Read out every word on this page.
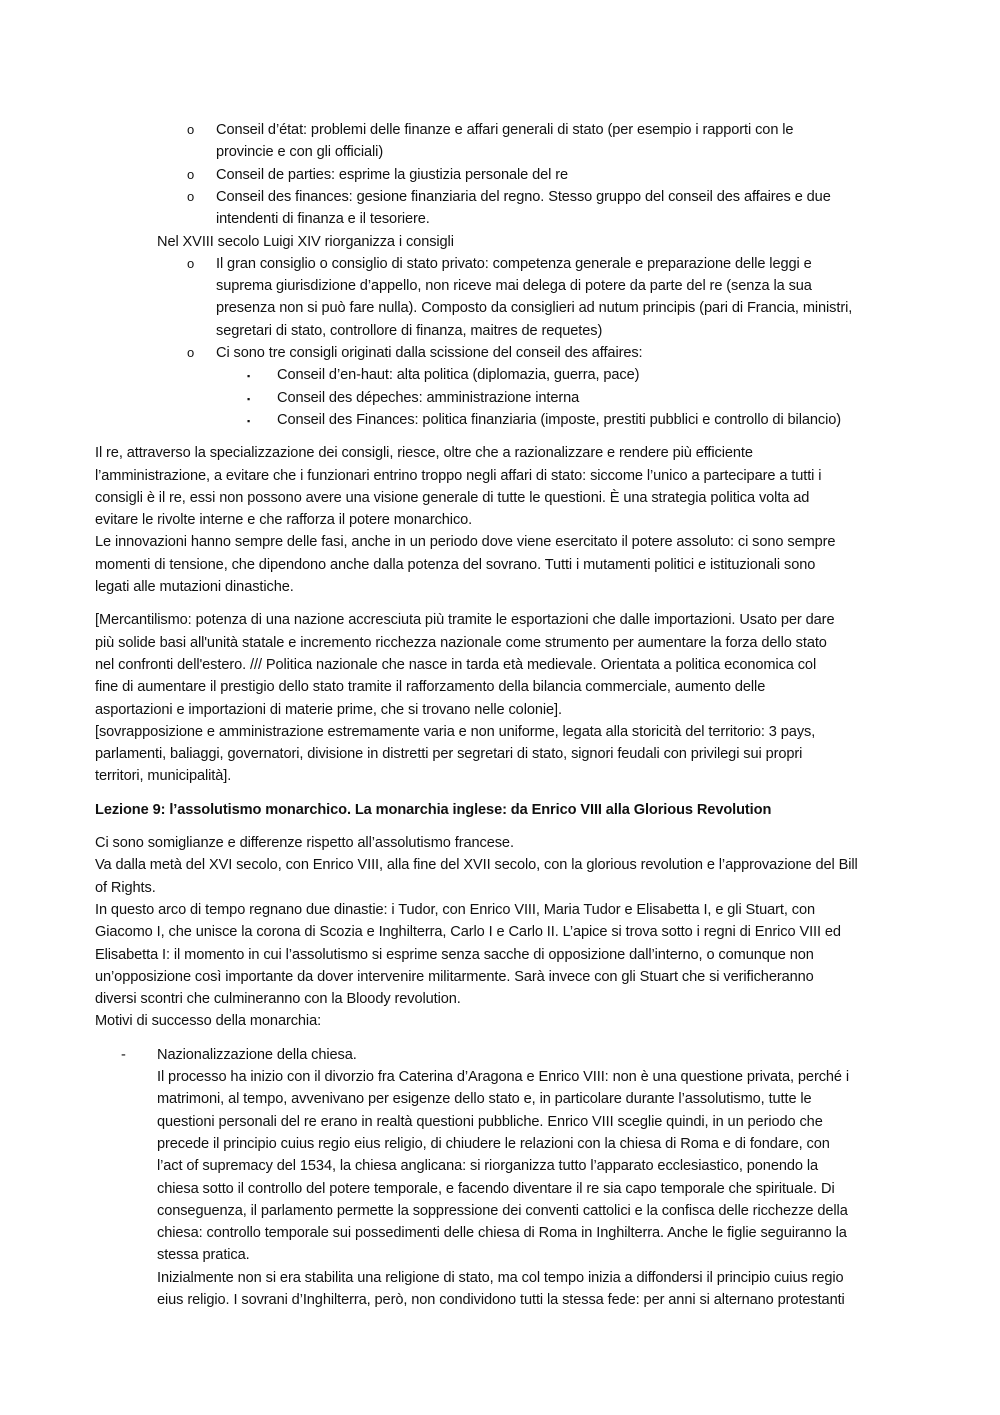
o Conseil d’état: problemi delle finanze e affari generali di stato (per esempio i rapporti con le
provincie e con gli officiali)
o Conseil de parties: esprime la giustizia personale del re
o Conseil des finances: gesione finanziaria del regno. Stesso gruppo del conseil des affaires e due
intendenti di finanza e il tesoriere.
Nel XVIII secolo Luigi XIV riorganizza i consigli
o Il gran consiglio o consiglio di stato privato: competenza generale e preparazione delle leggi e
suprema giurisdizione d’appello, non riceve mai delega di potere da parte del re (senza la sua
presenza non si può fare nulla). Composto da consiglieri ad nutum principis (pari di Francia, ministri,
segretari di stato, controllore di finanza, maitres de requetes)
o Ci sono tre consigli originati dalla scissione del conseil des affaires:
▪ Conseil d’en-haut: alta politica (diplomazia, guerra, pace)
▪ Conseil des dépeches: amministrazione interna
▪ Conseil des Finances: politica finanziaria (imposte, prestiti pubblici e controllo di bilancio)
Il re, attraverso la specializzazione dei consigli, riesce, oltre che a razionalizzare e rendere più efficiente
l’amministrazione, a evitare che i funzionari entrino troppo negli affari di stato: siccome l’unico a partecipare a tutti i
consigli è il re, essi non possono avere una visione generale di tutte le questioni. È una strategia politica volta ad
evitare le rivolte interne e che rafforza il potere monarchico.
Le innovazioni hanno sempre delle fasi, anche in un periodo dove viene esercitato il potere assoluto: ci sono sempre
momenti di tensione, che dipendono anche dalla potenza del sovrano. Tutti i mutamenti politici e istituzionali sono
legati alle mutazioni dinastiche.
[Mercantilismo: potenza di una nazione accresciuta più tramite le esportazioni che dalle importazioni. Usato per dare
più solide basi all'unità statale e incremento ricchezza nazionale come strumento per aumentare la forza dello stato
nel confronti dell'estero. /// Politica nazionale che nasce in tarda età medievale. Orientata a politica economica col
fine di aumentare il prestigio dello stato tramite il rafforzamento della bilancia commerciale, aumento delle
asportazioni e importazioni di materie prime, che si trovano nelle colonie].
[sovrapposizione e amministrazione estremamente varia e non uniforme, legata alla storicità del territorio: 3 pays,
parlamenti, baliaggi, governatori, divisione in distretti per segretari di stato, signori feudali con privilegi sui propri
territori, municipalità].
Lezione 9: l’assolutismo monarchico. La monarchia inglese: da Enrico VIII alla Glorious Revolution
Ci sono somiglianze e differenze rispetto all’assolutismo francese.
Va dalla metà del XVI secolo, con Enrico VIII, alla fine del XVII secolo, con la glorious revolution e l’approvazione del Bill
of Rights.
In questo arco di tempo regnano due dinastie: i Tudor, con Enrico VIII, Maria Tudor e Elisabetta I, e gli Stuart, con
Giacomo I, che unisce la corona di Scozia e Inghilterra, Carlo I e Carlo II. L’apice si trova sotto i regni di Enrico VIII ed
Elisabetta I: il momento in cui l’assolutismo si esprime senza sacche di opposizione dall’interno, o comunque non
un’opposizione così importante da dover intervenire militarmente. Sarà invece con gli Stuart che si verificheranno
diversi scontri che culmineranno con la Bloody revolution.
Motivi di successo della monarchia:
- Nazionalizzazione della chiesa.
Il processo ha inizio con il divorzio fra Caterina d’Aragona e Enrico VIII: non è una questione privata, perché i
matrimoni, al tempo, avvenivano per esigenze dello stato e, in particolare durante l’assolutismo, tutte le
questioni personali del re erano in realtà questioni pubbliche. Enrico VIII sceglie quindi, in un periodo che
precede il principio cuius regio eius religio, di chiudere le relazioni con la chiesa di Roma e di fondare, con
l’act of supremacy del 1534, la chiesa anglicana: si riorganizza tutto l’apparato ecclesiastico, ponendo la
chiesa sotto il controllo del potere temporale, e facendo diventare il re sia capo temporale che spirituale. Di
conseguenza, il parlamento permette la soppressione dei conventi cattolici e la confisca delle ricchezze della
chiesa: controllo temporale sui possedimenti delle chiesa di Roma in Inghilterra. Anche le figlie seguiranno la
stessa pratica.
Inizialmente non si era stabilita una religione di stato, ma col tempo inizia a diffondersi il principio cuius regio
eius religio. I sovrani d’Inghilterra, però, non condividono tutti la stessa fede: per anni si alternano protestanti
